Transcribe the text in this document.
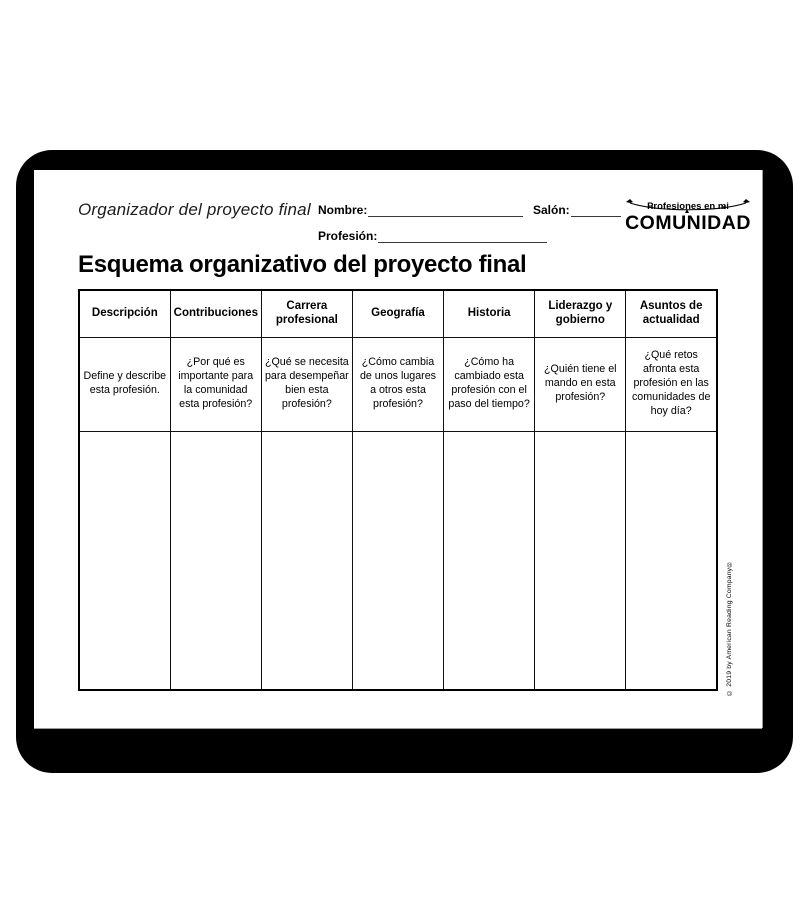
Organizador del proyecto final Nombre:	Salón:
Profesión:
Profesiones en mi
COMUNIDAD
Esquema organizativo del proyecto final
Descripción	Contribuciones	Carrera profesional	Geografía	Historia	Liderazgo y gobierno	Asuntos de actualidad
Define y describe esta profesión.	¿Por qué es importante para la comunidad esta profesión?	¿Qué se necesita para desempeñar bien esta profesión?	¿Cómo cambia de unos lugares a otros esta profesión?	¿Cómo ha cambiado esta profesión con el paso del tiempo?	¿Quién tiene el mando en esta profesión?	¿Qué retos afronta esta profesión en las comunidades de hoy día?

© 2019 by American Reading Company®
